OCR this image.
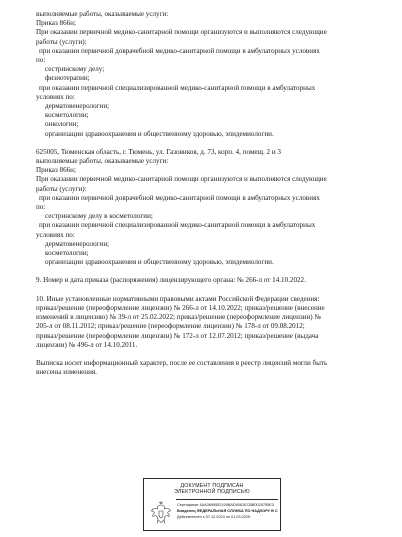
выполняемые работы, оказываемые услуги:
Приказ 866н;
При оказании первичной медико-санитарной помощи организуются и выполняются следующие
работы (услуги):
при оказании первичной доврачебной медико-санитарной помощи в амбулаторных условиях
по:
сестринскому делу;
физиотерапии;
при оказании первичной специализированной медико-санитарной помощи в амбулаторных
условиях по:
дерматовенерологии;
косметологии;
онкологии;
организации здравоохранения и общественному здоровью, эпидемиологии.
625005, Тюменская область, г. Тюмень, ул. Газовиков, д. 73, корп. 4, помещ. 2 и 3
выполняемые работы, оказываемые услуги:
Приказ 866н;
При оказании первичной медико-санитарной помощи организуются и выполняются следующие
работы (услуги):
при оказании первичной доврачебной медико-санитарной помощи в амбулаторных условиях
по:
сестринскому делу в косметологии;
при оказании первичной специализированной медико-санитарной помощи в амбулаторных
условиях по:
дерматовенерологии;
косметологии;
организации здравоохранения и общественному здоровью, эпидемиологии.
9. Номер и дата приказа (распоряжения) лицензирующего органа: № 266-л от 14.10.2022.
10. Иные установленные нормативными правовыми актами Российской Федерации сведения:
приказ/решение (переоформление лицензии) № 266-л от 14.10.2022; приказ/решение (внесение
изменений в лицензию) № 39-л от 25.02.2022; приказ/решение (переоформление лицензии) №
205-л от 08.11.2012; приказ/решение (переоформление лицензии) № 178-л от 09.08.2012;
приказ/решение (переоформление лицензии) № 172-л от 12.07.2012; приказ/решение (выдача
лицензии) № 496-л от 14.10.2011.
Выписка носит информационный характер, после ее составления в реестр лицензий могли быть
внесены изменения.
ДОКУМЕНТ ПОДПИСАН
ЭЛЕКТРОННОЙ ПОДПИСЬЮ
Сертификат 4AA3695552109BAD9061ECBB0025755E3
Владелец ФЕДЕРАЛЬНАЯ СЛУЖБА ПО НАДЗОРУ В С
Действителен с 07.12.2023 по 01.03.2025
